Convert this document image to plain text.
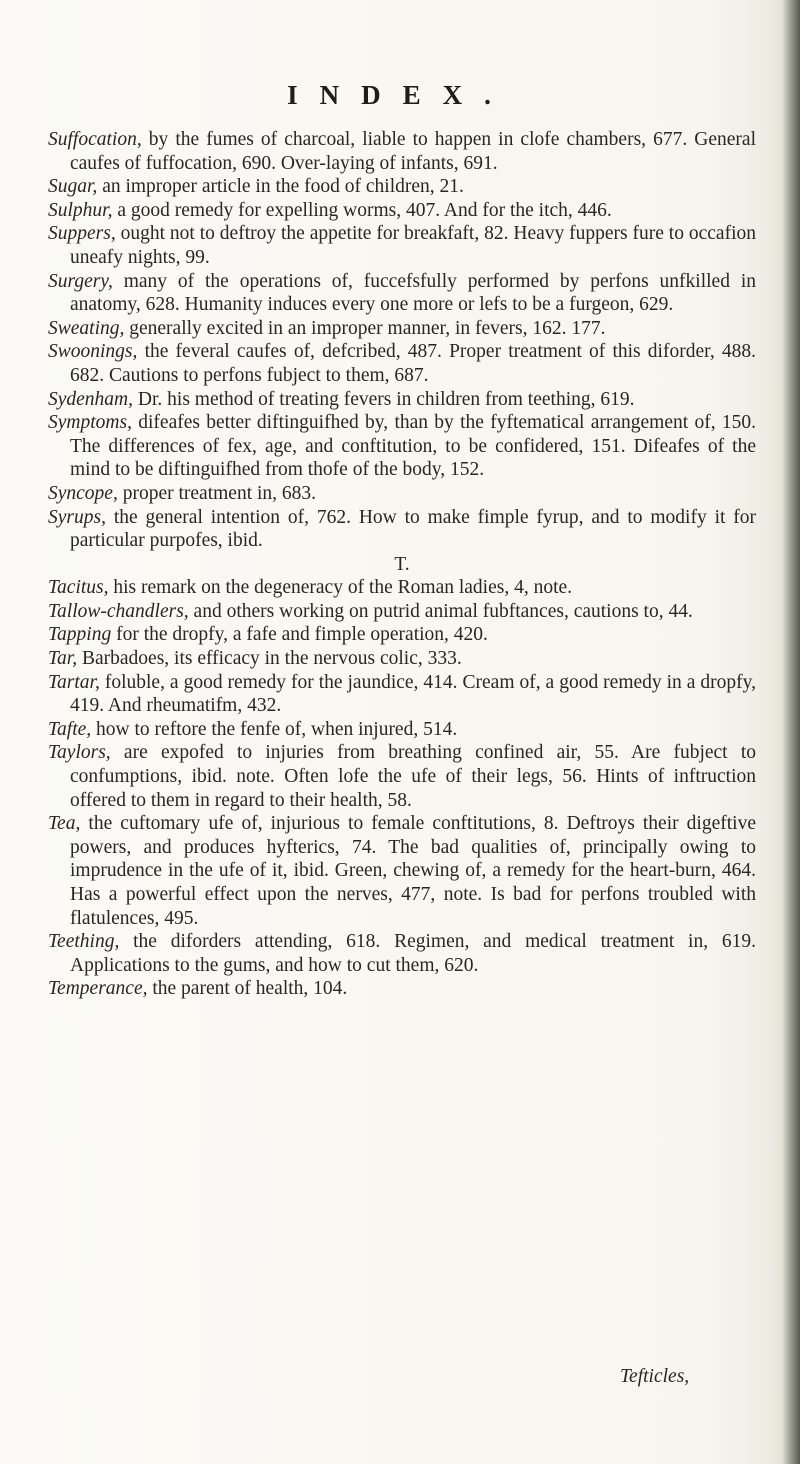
INDEX.

Suffocation, by the fumes of charcoal, liable to happen in clofe chambers, 677. General caufes of fuffocation, 690. Over-laying of infants, 691.

Sugar, an improper article in the food of children, 21.

Sulphur, a good remedy for expelling worms, 407. And for the itch, 446.

Suppers, ought not to deftroy the appetite for breakfaft, 82. Heavy fuppers fure to occafion uneafy nights, 99.

Surgery, many of the operations of, fuccefsfully performed by perfons unfkilled in anatomy, 628. Humanity induces every one more or lefs to be a furgeon, 629.

Sweating, generally excited in an improper manner, in fevers, 162. 177.

Swoonings, the feveral caufes of, defcribed, 487. Proper treatment of this diforder, 488. 682. Cautions to perfons fubject to them, 687.

Sydenham, Dr. his method of treating fevers in children from teething, 619.

Symptoms, difeafes better diftinguifhed by, than by the fyftematical arrangement of, 150. The differences of fex, age, and conftitution, to be confidered, 151. Difeafes of the mind to be diftinguifhed from thofe of the body, 152.

Syncope, proper treatment in, 683.

Syrups, the general intention of, 762. How to make fimple fyrup, and to modify it for particular purpofes, ibid.

T.

Tacitus, his remark on the degeneracy of the Roman ladies, 4, note.

Tallow-chandlers, and others working on putrid animal fubftances, cautions to, 44.

Tapping for the dropfy, a fafe and fimple operation, 420.

Tar, Barbadoes, its efficacy in the nervous colic, 333.

Tartar, foluble, a good remedy for the jaundice, 414. Cream of, a good remedy in a dropfy, 419. And rheumatifm, 432.

Tafte, how to reftore the fenfe of, when injured, 514.

Taylors, are expofed to injuries from breathing confined air, 55. Are fubject to confumptions, ibid. note. Often lofe the ufe of their legs, 56. Hints of inftruction offered to them in regard to their health, 58.

Tea, the cuftomary ufe of, injurious to female conftitutions, 8. Deftroys their digeftive powers, and produces hyfterics, 74. The bad qualities of, principally owing to imprudence in the ufe of it, ibid. Green, chewing of, a remedy for the heart-burn, 464. Has a powerful effect upon the nerves, 477, note. Is bad for perfons troubled with flatulences, 495.

Teething, the diforders attending, 618. Regimen, and medical treatment in, 619. Applications to the gums, and how to cut them, 620.

Temperance, the parent of health, 104.

Tefticles,
